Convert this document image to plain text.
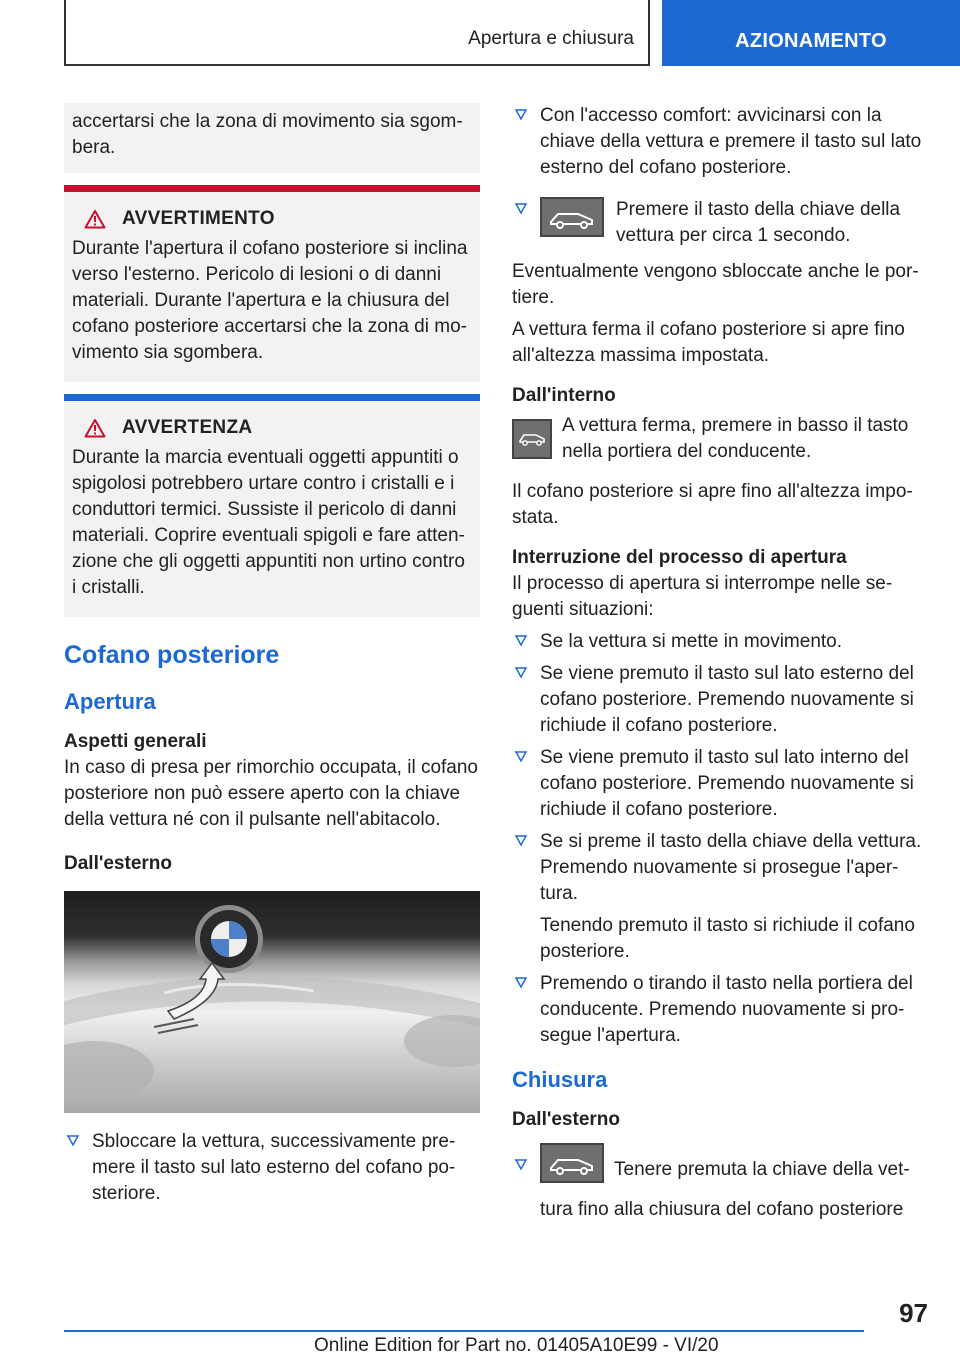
Apertura e chiusura	AZIONAMENTO

accertarsi che la zona di movimento sia sgom-bera.

AVVERTIMENTO

Durante l'apertura il cofano posteriore si inclina verso l'esterno. Pericolo di lesioni o di danni materiali. Durante l'apertura e la chiusura del cofano posteriore accertarsi che la zona di mo-vimento sia sgombera.

AVVERTENZA

Durante la marcia eventuali oggetti appuntiti o spigolosi potrebbero urtare contro i cristalli e i conduttori termici. Sussiste il pericolo di danni materiali. Coprire eventuali spigoli e fare atten-zione che gli oggetti appuntiti non urtino contro i cristalli.

Cofano posteriore
Apertura
Aspetti generali

In caso di presa per rimorchio occupata, il cofano posteriore non può essere aperto con la chiave della vettura né con il pulsante nell'abitacolo.

Dall'esterno
Sbloccare la vettura, successivamente pre-mere il tasto sul lato esterno del cofano po-steriore.
Con l'accesso comfort: avvicinarsi con la chiave della vettura e premere il tasto sul lato esterno del cofano posteriore.
Premere il tasto della chiave della vettura per circa 1 secondo.

Eventualmente vengono sbloccate anche le por-tiere.

A vettura ferma il cofano posteriore si apre fino all'altezza massima impostata.

Dall'interno
A vettura ferma, premere in basso il tasto nella portiera del conducente.

Il cofano posteriore si apre fino all'altezza impo-stata.

Interruzione del processo di apertura

Il processo di apertura si interrompe nelle se-guenti situazioni:

Se la vettura si mette in movimento.
Se viene premuto il tasto sul lato esterno del cofano posteriore. Premendo nuovamente si richiude il cofano posteriore.
Se viene premuto il tasto sul lato interno del cofano posteriore. Premendo nuovamente si richiude il cofano posteriore.
Se si preme il tasto della chiave della vettura. Premendo nuovamente si prosegue l'aper-tura.

Tenendo premuto il tasto si richiude il cofano posteriore.

Premendo o tirando il tasto nella portiera del conducente. Premendo nuovamente si pro-segue l'apertura.
Chiusura
Dall'esterno
Tenere premuta la chiave della vet-tura fino alla chiusura del cofano posteriore
97
Online Edition for Part no. 01405A10E99 - VI/20
